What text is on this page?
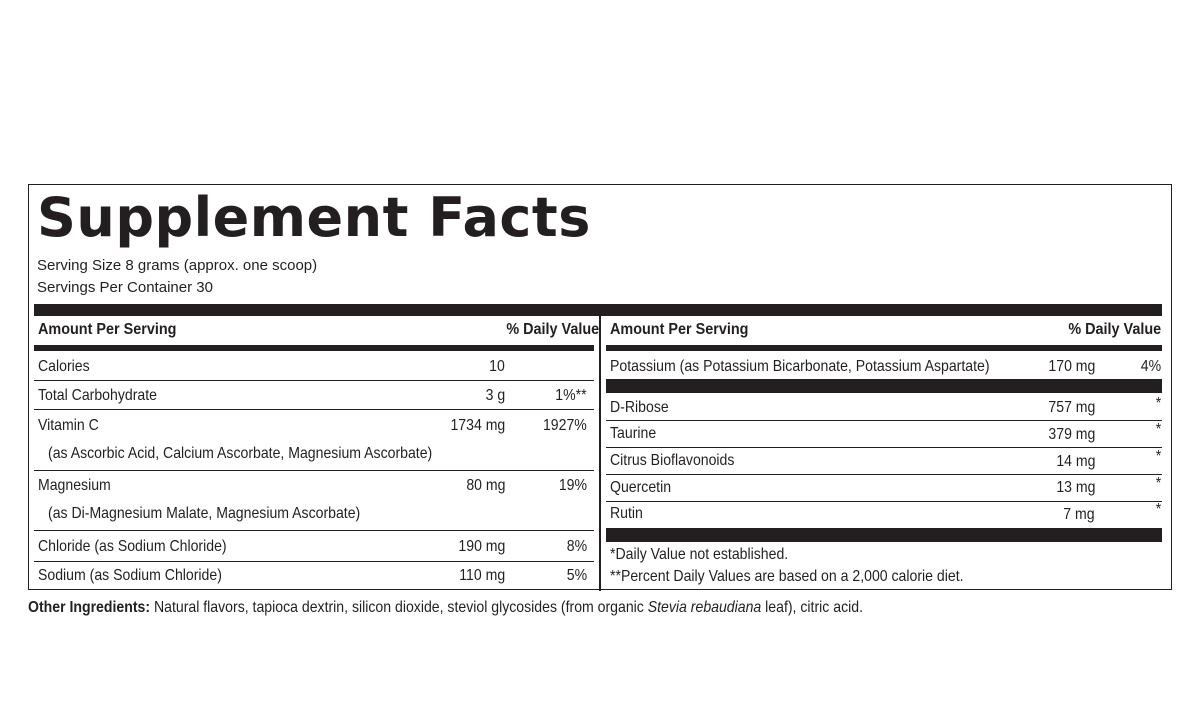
Supplement Facts
Serving Size 8 grams (approx. one scoop)
Servings Per Container 30
Amount Per Serving	% Daily Value
Calories	10
Total Carbohydrate	3 g	1%**
Vitamin C	1734 mg 1927%
(as Ascorbic Acid, Calcium Ascorbate, Magnesium Ascorbate)
Magnesium	80 mg	19%
(as Di-Magnesium Malate, Magnesium Ascorbate)
Chloride (as Sodium Chloride)	190 mg	8%
Sodium (as Sodium Chloride)	110 mg	5%
Amount Per Serving	% Daily Value
Potassium (as Potassium Bicarbonate, Potassium Aspartate)	170 mg	4%
D-Ribose	757 mg	*
Taurine	379 mg	*
Citrus Bioflavonoids	14 mg	*
Quercetin	13 mg	*
Rutin	7 mg	*
*Daily Value not established.
**Percent Daily Values are based on a 2,000 calorie diet.
Other Ingredients: Natural flavors, tapioca dextrin, silicon dioxide, steviol glycosides (from organic Stevia rebaudiana leaf), citric acid.
